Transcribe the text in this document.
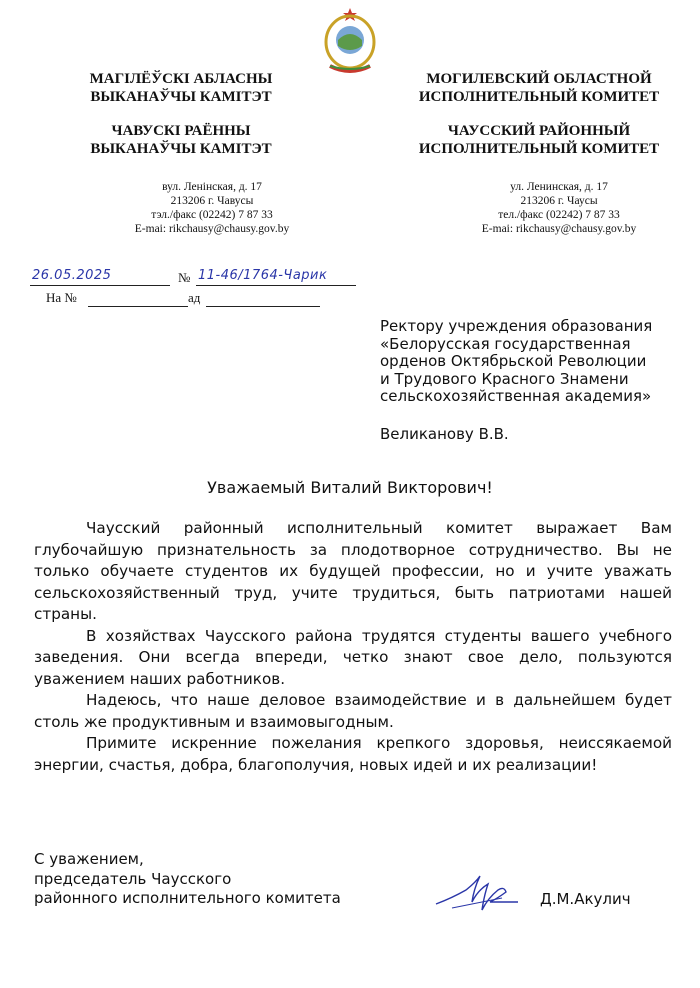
МАГІЛЁЎСКІ АБЛАСНЫ
ВЫКАНАЎЧЫ КАМІТЭТ
ЧАВУСКІ РАЁННЫ
ВЫКАНАЎЧЫ КАМІТЭТ
вул. Ленінская, д. 17
213206 г. Чавусы
тэл./факс (02242) 7 87 33
E-mai: rikchausy@chausy.gov.by
МОГИЛЕВСКИЙ ОБЛАСТНОЙ
ИСПОЛНИТЕЛЬНЫЙ КОМИТЕТ
ЧАУССКИЙ РАЙОННЫЙ
ИСПОЛНИТЕЛЬНЫЙ КОМИТЕТ
ул. Ленинская, д. 17
213206 г. Чаусы
тел./факс (02242) 7 87 33
E-mai: rikchausy@chausy.gov.by
26.05.2025	№ 11-46/1764-Чарик
На №	ад
Ректору учреждения образования
«Белорусская государственная
орденов Октябрьской Революции
и Трудового Красного Знамени
сельскохозяйственная академия»
Великанову В.В.
Уважаемый Виталий Викторович!

Чаусский районный исполнительный комитет выражает Вам глубочайшую признательность за плодотворное сотрудничество. Вы не только обучаете студентов их будущей профессии, но и учите уважать сельскохозяйственный труд, учите трудиться, быть патриотами нашей страны.

В хозяйствах Чаусского района трудятся студенты вашего учебного заведения. Они всегда впереди, четко знают свое дело, пользуются уважением наших работников.

Надеюсь, что наше деловое взаимодействие и в дальнейшем будет столь же продуктивным и взаимовыгодным.

Примите искренние пожелания крепкого здоровья, неиссякаемой энергии, счастья, добра, благополучия, новых идей и их реализации!

С уважением,
председатель Чаусского
районного исполнительного комитета	Д.М.Акулич
